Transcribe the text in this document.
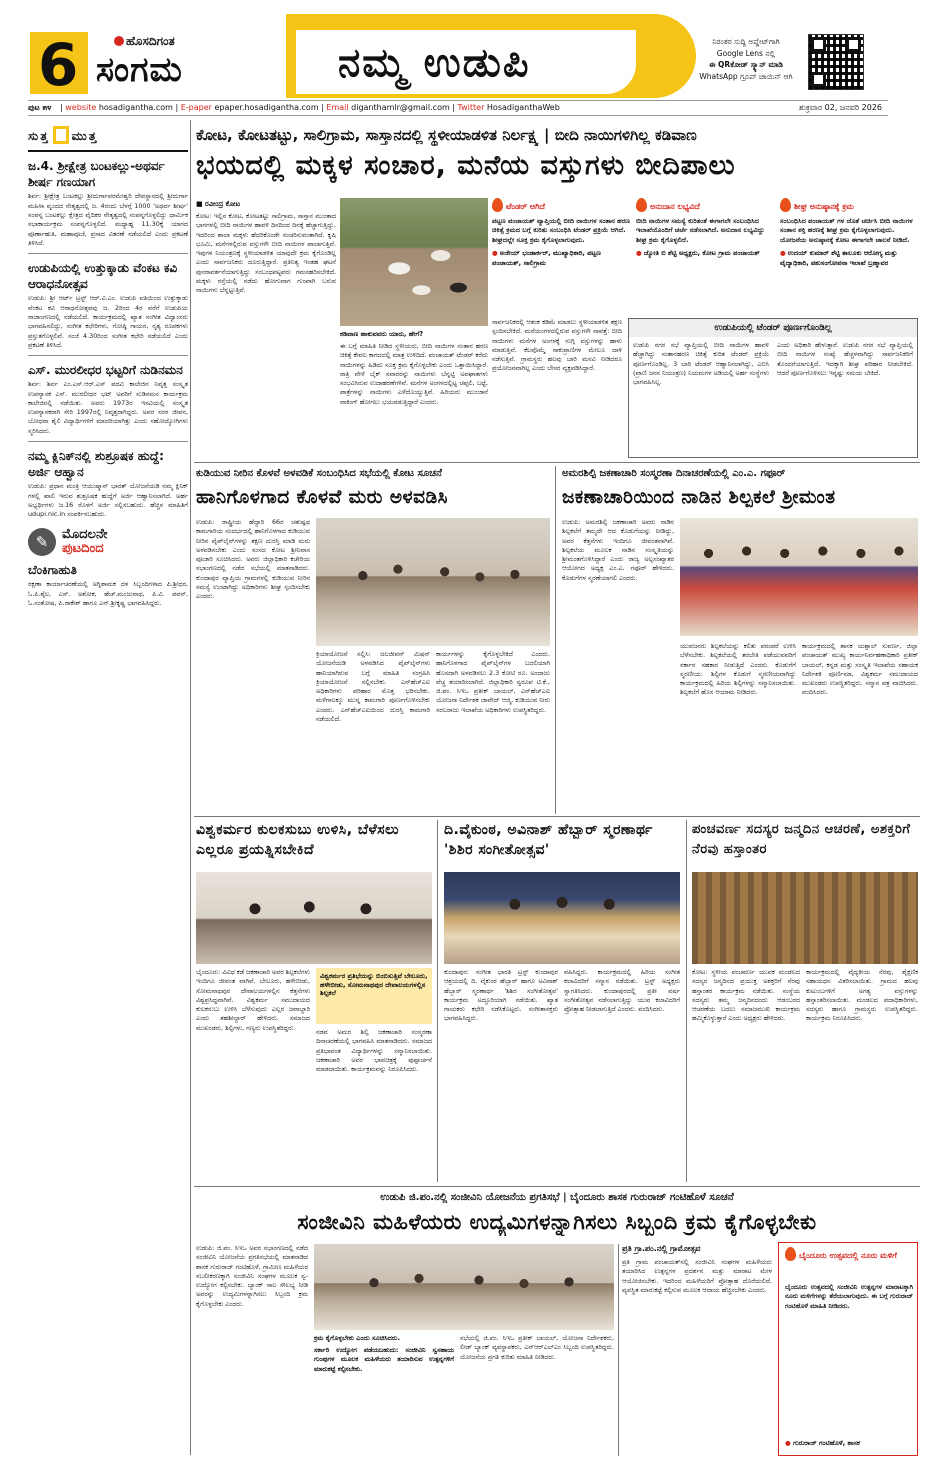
6	ಹೊಸದಿಗಂತ
ಸಂಗಮ	ನಮ್ಮ ಉಡುಪಿ	ನಿರಂತರ ಸುದ್ದಿ ಅಪ್ಡೇಟ್‌ಗಾಗಿ
Google Lens ನಲ್ಲಿ
ಈ QRಕೋಡ್ ಸ್ಕ್ಯಾನ್ ಮಾಡಿ
WhatsApp ಗ್ರೂಪ್ ಜಾಯಿನ್ ಆಗಿ
ಪುಟ ೫೪ | website hosadigantha.com | E-paper epaper.hosadigantha.com | Email diganthamlr@gmail.com | Twitter HosadiganthaWeb	ಶುಕ್ರವಾರ 02, ಜನವರಿ 2026
ಸುತ್ತ ಮುತ್ತ
ಜ.4. ಶ್ರೀಕ್ಷೇತ್ರ ಬಂಟಕಲ್ಲು-ಅಥರ್ವ ಶೀರ್ಷ ಗಣಯಾಗ
ಶಿರ್ವ: ಶ್ರೀಕ್ಷೇತ್ರ ಬಂಟಕಲ್ಲು ಶ್ರೀದುರ್ಗಾಪರಮೇಶ್ವರಿ ದೇವಸ್ಥಾನದಲ್ಲಿ ಶ್ರೀದುರ್ಗಾ ಮಹಿಳಾ ವೃಂದದ ನೇತೃತ್ವದಲ್ಲಿ ಜ. 4ರಂದು ಬೆಳಗ್ಗೆ 1000 'ಅಥರ್ವ ಶೀರ್ಷ' ಸಂಪನ್ನ ಬಂಟಕಲ್ಲು ಕ್ಷೇತ್ರದ ವೈದಿಕರ ನೇತೃತ್ವದಲ್ಲಿ ಸಂಪನ್ನಗೊಳ್ಳಲಿದ್ದು ಧಾರ್ಮಿಕ ಸಭಾಕಾರ್ಯಕ್ರಮ ಸಂಪನ್ನಗೊಳ್ಳಲಿದೆ. ಮಧ್ಯಾಹ್ನ 11.30ಕ್ಕೆ ಯಾಗದ ಪೂರ್ಣಾಹುತಿ, ಮಹಾಪೂಜೆ, ಪ್ರಸಾದ ವಿತರಣೆ ನಡೆಯಲಿದೆ ಎಂದು ಪ್ರಕಟಣೆ ತಿಳಿಸಿದೆ.
ಉಡುಪಿಯಲ್ಲಿ ಉತ್ತುಕ್ಕಾಡು ವೆಂಕಟ ಕವಿ ಆರಾಧನೋತ್ಸವ
ಉಡುಪಿ: ಶ್ರೀ ಆರ್ಟ್ ಟ್ರಸ್ಟ್ ಆರ್.ವಿ.ಎಂ. ಉಡುಪಿ ವತಿಯಿಂದ ಉತ್ತುಕ್ಕಾಡು ವೆಂಕಟ ಕವಿ ಆರಾಧನೋತ್ಸವವು ಜ. 2ರಿಂದ 4ರ ವರೆಗೆ ಉಡುಪಿಯ ರಾಜಾಂಗಣದಲ್ಲಿ ನಡೆಯಲಿದೆ. ಕಾರ್ಯಕ್ರಮದಲ್ಲಿ ಖ್ಯಾತ ಸಂಗೀತ ವಿದ್ವಾಂಸರು ಭಾಗವಹಿಸಲಿದ್ದು, ಸಂಗೀತ ಕಛೇರಿಗಳು, ಗೋಷ್ಠಿ ಗಾಯನ, ನೃತ್ಯ ರೂಪಕಗಳು ಪ್ರಸ್ತುತಗೊಳ್ಳಲಿವೆ. ಸಂಜೆ 4.30ರಿಂದ ಸಂಗೀತ ಕಛೇರಿ ನಡೆಯಲಿದೆ ಎಂದು ಪ್ರಕಟಣೆ ತಿಳಿಸಿದೆ.
ಎಸ್. ಮುರಲೀಧರ ಭಟ್ಟರಿಗೆ ನುಡಿನಮನ
ಶಿರ್ವ: ಶಿರ್ವ ಎಂ.ಎಸ್.ಆರ್.ಎಸ್ ಪದವಿ ಕಾಲೇಜಿನ ನಿವೃತ್ತ ಸಂಸ್ಕೃತ ಉಪನ್ಯಾಸಕ ಎಸ್. ಮುರಲೀಧರ ಭಟ್ ಅವರಿಗೆ ನುಡಿನಮನ ಕಾರ್ಯಕ್ರಮ ಕಾಲೇಜಿನಲ್ಲಿ ನಡೆಯಿತು. ಅವರು 1973ರ ಇಸವಿಯಲ್ಲಿ ಸಂಸ್ಕೃತ ಉಪನ್ಯಾಸಕರಾಗಿ ಸೇರಿ 1997ರಲ್ಲಿ ನಿವೃತ್ತರಾಗಿದ್ದರು. ಅವರ ಸರಳ ಜೀವನ, ಬೋಧನಾ ಶೈಲಿ ವಿದ್ಯಾರ್ಥಿಗಳಿಗೆ ಮಾದರಿಯಾಗಿತ್ತು ಎಂದು ಸಹೋದ್ಯೋಗಿಗಳು ಸ್ಮರಿಸಿದರು.
ನಮ್ಮ ಕ್ಲಿನಿಕ್‌ನಲ್ಲಿ ಶುಶ್ರೂಷಕ ಹುದ್ದೆ: ಅರ್ಜಿ ಆಹ್ವಾನ
ಉಡುಪಿ: ಪ್ರಧಾನ ಮಂತ್ರಿ ಆಯುಷ್ಮಾನ್ ಭಾರತ್ ಯೋಜನೆಯಡಿ ನಮ್ಮ ಕ್ಲಿನಿಕ್ ಗಳಲ್ಲಿ ಖಾಲಿ ಇರುವ ಶುಶ್ರೂಷಕ ಹುದ್ದೆಗೆ ಅರ್ಜಿ ಆಹ್ವಾನಿಸಲಾಗಿದೆ. ಅರ್ಹ ಅಭ್ಯರ್ಥಿಗಳು ಜ.16 ರೊಳಗೆ ಅರ್ಜಿ ಸಲ್ಲಿಸಬಹುದು. ಹೆಚ್ಚಿನ ಮಾಹಿತಿಗೆ udupi.nic.in ಸಂಪರ್ಕಿಸಬಹುದು.
✎	ಮೊದಲನೇ
ಪುಟದಿಂದ
ಬೆಂಕಿಗಾಹುತಿ
ರಕ್ಷಣಾ ಕಾರ್ಯಾಚರಣೆಯಲ್ಲಿ ಅಗ್ನಿಶಾಮಕ ದಳ ಸಿಬ್ಬಂದಿಗಳಾದ ಪಿ.ಶ್ರೀಧರ, ಓ.ಪಿ.ಶೈಲ, ಎಸ್. ಅಶೋಕ, ಹೆಚ್.ಮಂಜುನಾಥ, ಪಿ.ವಿ. ಪವನ್, ಓ.ಸಂತೋಷ, ಪಿ.ರಾಕೇಶ್ ಹಾಗೂ ಎನ್.ಶ್ರೀಕೃಷ್ಣ ಭಾಗವಹಿಸಿದ್ದರು.
ಕೋಟ, ಕೋಟತಟ್ಟು, ಸಾಲಿಗ್ರಾಮ, ಸಾಸ್ತಾನದಲ್ಲಿ ಸ್ಥಳೀಯಾಡಳಿತ ನಿರ್ಲಕ್ಷ್ಯ | ಬೀದಿ ನಾಯಿಗಳಿಗಿಲ್ಲ ಕಡಿವಾಣ
ಭಯದಲ್ಲಿ ಮಕ್ಕಳ ಸಂಚಾರ, ಮನೆಯ ವಸ್ತುಗಳು ಬೀದಿಪಾಲು
■ ರವೀಂದ್ರ ಕೋಟ
ಕಡಿವಾಣ ಹಾಕುವವರು ಯಾರು, ಹೇಗೆ?
ಕೋಟ: ಇಲ್ಲಿನ ಕೋಟ, ಕೋಟತಟ್ಟು ಸಾಲಿಗ್ರಾಮ, ಸಾಸ್ತಾನ ಮುಂತಾದ ಭಾಗಗಳಲ್ಲಿ ಬೀದಿ ನಾಯಿಗಳ ಹಾವಳಿ ದಿನದಿಂದ ದಿನಕ್ಕೆ ಹೆಚ್ಚಾಗುತ್ತಿದ್ದು, ಇದರಿಂದ ಶಾಲಾ ಮಕ್ಕಳು ಹೆದರಿಕೊಂಡೇ ಸಂಚರಿಸುವಂತಾಗಿದೆ. ಕೃಷಿ ಭೂಮಿ, ಮನೆಗಳಲ್ಲಿರುವ ವಸ್ತುಗಳೇ ಬೀದಿ ನಾಯಿಗಳ ಪಾಲಾಗುತ್ತಿವೆ. ಇವುಗಳ ನಿಯಂತ್ರಣಕ್ಕೆ ಸ್ಥಳೀಯಾಡಳಿತ ಯಾವುದೇ ಕ್ರಮ ಕೈಗೊಂಡಿಲ್ಲ ಎಂದು ಸಾರ್ವಜನಿಕರು ದೂರುತ್ತಿದ್ದಾರೆ. ಪ್ರತಿನಿತ್ಯ ಇಂತಹ ಘಟನೆ ಪುನರಾವರ್ತನೆಯಾಗುತ್ತಿದ್ದು ಸಂಬಂಧಪಟ್ಟವರು ಗಮನಹರಿಸಬೇಕಿದೆ. ಮಕ್ಕಳು ರಸ್ತೆಯಲ್ಲಿ ನಡೆದು ಹೋಗುವಾಗ ಗುಂಪಾಗಿ ಬರುವ ನಾಯಿಗಳು ಬೆನ್ನಟ್ಟುತ್ತಿವೆ.
ಈ ಬಗ್ಗೆ ಮಾಹಿತಿ ನೀಡಿದ ಸ್ಥಳೀಯರು, ಬೀದಿ ನಾಯಿಗಳ ಸಂತಾನ ಹರಣ ಚಿಕಿತ್ಸೆ ಕೇವಲ ಕಾಗದದಲ್ಲಿ ಮಾತ್ರ ಉಳಿದಿದೆ. ಪಂಚಾಯತ್ ಟೆಂಡರ್ ಕರೆದು ನಾಯಿಗಳನ್ನು ಹಿಡಿದು ಸೂಕ್ತ ಕ್ರಮ ಕೈಗೊಳ್ಳಬೇಕು ಎಂದು ಒತ್ತಾಯಿಸಿದ್ದಾರೆ. ರಾತ್ರಿ ವೇಳೆ ಬೈಕ್ ಸವಾರರನ್ನು ನಾಯಿಗಳು ಬೆನ್ನಟ್ಟಿ ಅಪಘಾತಗಳು ಸಂಭವಿಸಿರುವ ಉದಾಹರಣೆಗಳಿವೆ. ಮನೆಗಳ ಅಂಗಳದಲ್ಲಿಟ್ಟ ಚಪ್ಪಲಿ, ಬಟ್ಟೆ, ಪಾತ್ರೆಗಳನ್ನು ನಾಯಿಗಳು ಎಳೆದೊಯ್ಯುತ್ತಿವೆ. ಹಿರಿಯರು ಮುಂಜಾನೆ ವಾಕಿಂಗ್ ಹೋಗಲು ಭಯಪಡುತ್ತಿದ್ದಾರೆ ಎಂದರು.
ಸಾರ್ವಜನಿಕರಲ್ಲಿ ಆತಂಕ ಕಡಿಮೆ ಮಾಡಲು ಸ್ಥಳೀಯಾಡಳಿತ ತಕ್ಷಣ ಸ್ಪಂದಿಸಬೇಕಿದೆ. ಮನೆಯಂಗಳದಲ್ಲಿರುವ ವಸ್ತುಗಳೇ ನಾಪತ್ತೆ: ಬೀದಿ ನಾಯಿಗಳು ಮನೆಗಳ ಅಂಗಳಕ್ಕೆ ನುಗ್ಗಿ ವಸ್ತುಗಳನ್ನು ಹಾಳು ಮಾಡುತ್ತಿವೆ. ಕೆಲವೊಮ್ಮೆ ಸಾಕುಪ್ರಾಣಿಗಳ ಮೇಲೂ ದಾಳಿ ನಡೆಸುತ್ತಿವೆ. ಗ್ರಾಮಸ್ಥರು ಹಲವು ಬಾರಿ ಮನವಿ ನೀಡಿದರೂ ಪ್ರಯೋಜನವಾಗಿಲ್ಲ ಎಂದು ಬೇಸರ ವ್ಯಕ್ತಪಡಿಸಿದ್ದಾರೆ.
ಟೆಂಡರ್ ಆಗಿದೆ
ಪಟ್ಟಣ ಪಂಚಾಯತ್ ವ್ಯಾಪ್ತಿಯಲ್ಲಿ ಬೀದಿ ನಾಯಿಗಳ ಸಂತಾನ ಹರಣ ಚಿಕಿತ್ಸೆ ಕ್ರಮದ ಬಗ್ಗೆ ಕುರಿತು ಸಂಬಂಧಿಸಿ ಟೆಂಡರ್ ಪ್ರಕ್ರಿಯೆ ಆಗಿದೆ. ಶೀಘ್ರದಲ್ಲೇ ಸೂಕ್ತ ಕ್ರಮ ಕೈಗೊಳ್ಳಲಾಗುವುದು.
● ಅಜೇಯ್ ಭಂಡಾರ್ಕರ್, ಮುಖ್ಯಾಧಿಕಾರಿ, ಪಟ್ಟಣ ಪಂಚಾಯತ್, ಸಾಲಿಗ್ರಾಮ
ಅನುದಾನ ಲಭ್ಯವಿದೆ
ಬೀದಿ ನಾಯಿಗಳ ಸಮಸ್ಯೆ ಕುರಿತಂತೆ ಈಗಾಗಲೇ ಸಂಬಂಧಿಸಿದ ಇಲಾಖೆಯೊಂದಿಗೆ ಚರ್ಚೆ ನಡೆಸಲಾಗಿದೆ. ಅನುದಾನ ಲಭ್ಯವಿದ್ದು ಶೀಘ್ರ ಕ್ರಮ ಕೈಗೊಳ್ಳಲಿದೆ.
● ಜ್ಯೋತಿ ಬಿ ಶೆಟ್ಟಿ ಅಧ್ಯಕ್ಷರು, ಕೋಟ ಗ್ರಾಮ ಪಂಚಾಯತ್
ಶೀಘ್ರ ಅನುಷ್ಠಾನಕ್ಕೆ ಕ್ರಮ
ಸಂಬಂಧಿಸಿದ ಪಂಚಾಯತ್ ಗಳ ಜೊತೆ ಚರ್ಚಿಸಿ ಬೀದಿ ನಾಯಿಗಳ ಸಂತಾನ ಶಕ್ತಿ ಹರಣಕ್ಕೆ ಶೀಘ್ರ ಕ್ರಮ ಕೈಗೊಳ್ಳಲಾಗುವುದು. ಯೋಜನೆಯ ಅನುಷ್ಠಾನಕ್ಕೆ ಕೋಟ ಈಗಾಗಲೇ ಚಾಲನೆ ನೀಡಿದೆ.
● ಉದಯ್ ಕುಮಾರ್ ಶೆಟ್ಟಿ ತಾಲೂಕು ಆರೋಗ್ಯ ಮತ್ತು ವೈದ್ಯಾಧಿಕಾರಿ, ಪಶುಸಂಗೋಪನಾ ಇಲಾಖೆ ಬ್ರಹ್ಮಾವರ
ಉಡುಪಿಯಲ್ಲಿ ಟೆಂಡರ್ ಪೂರ್ಣಗೊಂಡಿಲ್ಲ
ಉಡುಪಿ ನಗರ ಸಭೆ ವ್ಯಾಪ್ತಿಯಲ್ಲಿ ಬೀದಿ ನಾಯಿಗಳ ಹಾವಳಿ ಹೆಚ್ಚಾಗಿದ್ದು ಸಂತಾನಹರಣ ಚಿಕಿತ್ಸೆ ಕುರಿತ ಟೆಂಡರ್ ಪ್ರಕ್ರಿಯೆ ಪೂರ್ಣಗೊಂಡಿಲ್ಲ. 3 ಬಾರಿ ಟೆಂಡರ್ ಆಹ್ವಾನಿಸಲಾಗಿದ್ದು, ಎಬಿಸಿ (ಪ್ರಾಣಿ ಜನನ ನಿಯಂತ್ರಣ) ನಿಯಮಗಳ ಅಡಿಯಲ್ಲಿ ಅರ್ಹ ಸಂಸ್ಥೆಗಳು ಭಾಗವಹಿಸಿಲ್ಲ.
ಎಂದು ಅಧಿಕಾರಿ ಹೇಳುತ್ತಾರೆ. ಉಡುಪಿ ನಗರ ಸಭೆ ವ್ಯಾಪ್ತಿಯಲ್ಲಿ ಬೀದಿ ನಾಯಿಗಳ ಸಂಖ್ಯೆ ಹೆಚ್ಚಳವಾಗಿದ್ದು ಸಾರ್ವಜನಿಕರಿಗೆ ತೊಂದರೆಯಾಗುತ್ತಿದೆ. ಇದಕ್ಕಾಗಿ ಶೀಘ್ರ ಪರಿಹಾರ ನೀಡಬೇಕಿದೆ. ಆದರೆ ಪೂರ್ಣಗೊಳಿಸಲು ಇನ್ನಷ್ಟು ಸಮಯ ಬೇಕಿದೆ.
ಕುಡಿಯುವ ನೀರಿನ ಕೊಳವೆ ಅಳವಡಿಕೆ ಸಂಬಂಧಿಸಿದ ಸಭೆಯಲ್ಲಿ ಕೋಟ ಸೂಚನೆ
ಹಾನಿಗೊಳಗಾದ ಕೊಳವೆ ಮರು ಅಳವಡಿಸಿ
ಉಡುಪಿ: ರಾಷ್ಟ್ರೀಯ ಹೆದ್ದಾರಿ 66ರ ಚತುಷ್ಪಥ ಕಾಮಗಾರಿಯ ಸಂದರ್ಭದಲ್ಲಿ ಹಾನಿಗೊಳಗಾದ ಕುಡಿಯುವ ನೀರಿನ ಪೈಪ್‌ಲೈನ್‌ಗಳನ್ನು ತಕ್ಷಣ ದುರಸ್ತಿ ಮಾಡಿ ಮರು ಅಳವಡಿಸಬೇಕು ಎಂದು ಸಂಸದ ಕೋಟ ಶ್ರೀನಿವಾಸ ಪೂಜಾರಿ ಸೂಚಿಸಿದರು. ಅವರು ಜಿಲ್ಲಾಧಿಕಾರಿ ಕಚೇರಿಯ ಸಭಾಂಗಣದಲ್ಲಿ ನಡೆದ ಸಭೆಯಲ್ಲಿ ಮಾತನಾಡಿದರು. ಕುಂದಾಪುರ ವ್ಯಾಪ್ತಿಯ ಗ್ರಾಮಗಳಲ್ಲಿ ಕುಡಿಯುವ ನೀರಿನ ಸಮಸ್ಯೆ ಉಂಟಾಗಿದ್ದು ಅಧಿಕಾರಿಗಳು ಶೀಘ್ರ ಸ್ಪಂದಿಸಬೇಕು ಎಂದರು.
ಕ್ರಿಯಾಯೋಜನೆ ಸಲ್ಲಿಸಿ: ಜಲಜೀವನ್ ಮಿಷನ್ ಯೋಜನೆಯಡಿ ಅಳವಡಿಸಿದ ಪೈಪ್‌ಲೈನ್‌ಗಳು ಹಾನಿಯಾಗಿರುವ ಬಗ್ಗೆ ಮಾಹಿತಿ ಸಂಗ್ರಹಿಸಿ ಕ್ರಿಯಾಯೋಜನೆ ಸಲ್ಲಿಸಬೇಕು. ಎನ್‌ಹೆಚ್‌ಎಐ ಅಧಿಕಾರಿಗಳು ಪರಿಹಾರ ಮೊತ್ತ ಭರಿಸಬೇಕು. ಮಳೆಗಾಲಕ್ಕೂ ಮುನ್ನ ಕಾಮಗಾರಿ ಪೂರ್ಣಗೊಳಿಸಬೇಕು ಎಂದರು. ಎನ್‌ಹೆಚ್‌ಎಐಯಿಂದ ದುರಸ್ತಿ ಕಾಮಗಾರಿ ನಡೆಯಲಿದೆ.
ಕಾರ್ಯಗಳನ್ನು ಕೈಗೊಳ್ಳಬೇಕಿದೆ ಎಂದರು. ಹಾನಿಗೊಳಗಾದ ಪೈಪ್‌ಲೈನ್‌ಗಳ ಬದಲಿಯಾಗಿ ಹೊಸದಾಗಿ ಅಳವಡಿಸಲು 2.3 ಕೋಟಿ ರೂ. ಅಂದಾಜು ವೆಚ್ಚ ತಯಾರಿಸಲಾಗಿದೆ. ಜಿಲ್ಲಾಧಿಕಾರಿ ಸ್ವರೂಪ ಟಿ.ಕೆ., ಜಿ.ಪಂ. ಸಿಇಒ ಪ್ರತೀಕ್ ಬಾಯಲ್, ಎನ್‌ಹೆಚ್‌ಎಐ ಯೋಜನಾ ನಿರ್ದೇಶಕ ಜಾವೇದ್ ಆಜ್ಮಿ, ಕುಡಿಯುವ ನೀರು ಸರಬರಾಜು ಇಲಾಖೆಯ ಅಧಿಕಾರಿಗಳು ಉಪಸ್ಥಿತರಿದ್ದರು.
ಅಮರಶಿಲ್ಪಿ ಜಕಣಾಚಾರಿ ಸಂಸ್ಮರಣಾ ದಿನಾಚರಣೆಯಲ್ಲಿ ಎಂ.ಎ. ಗಫೂರ್
ಜಕಣಾಚಾರಿಯಿಂದ ನಾಡಿನ ಶಿಲ್ಪಕಲೆ ಶ್ರೀಮಂತ
ಉಡುಪಿ: ಅಮರಶಿಲ್ಪಿ ಜಕಣಾಚಾರಿ ಅವರು ನಾಡಿನ ಶಿಲ್ಪಕಲೆಗೆ ತಮ್ಮದೇ ಆದ ಕೊಡುಗೆಯನ್ನು ನೀಡಿದ್ದು, ಅವರ ಕೆತ್ತನೆಗಳು ಇಂದಿಗೂ ಜೀವಂತವಾಗಿವೆ. ಶಿಲ್ಪಕಲೆಯ ಮೂಲಕ ನಾಡಿನ ಸಂಸ್ಕೃತಿಯನ್ನು ಶ್ರೀಮಂತಗೊಳಿಸಿದ್ದಾರೆ ಎಂದು ರಾಜ್ಯ ಅಲ್ಪಸಂಖ್ಯಾತರ ಆಯೋಗದ ಅಧ್ಯಕ್ಷ ಎಂ.ಎ. ಗಫೂರ್ ಹೇಳಿದರು. ಕೊಡುಗೆಗಳ ಸ್ಮರಣೆಯಾಗಲಿ ಎಂದರು.
ಯುವಜನರು ಶಿಲ್ಪಕಲೆಯನ್ನು ಕಲಿತು ಪರಂಪರೆ ಉಳಿಸಿ ಬೆಳೆಸಬೇಕು. ಶಿಲ್ಪಕಲೆಯಲ್ಲಿ ತರಬೇತಿ ಪಡೆಯುವವರಿಗೆ ಸರ್ಕಾರ ಸಹಕಾರ ನೀಡುತ್ತಿದೆ ಎಂದರು. ಕೊಡುಗೆಗೆ ಸ್ಮರಣೀಯ: ಶಿಲ್ಪಿಗಳ ಕೊಡುಗೆ ಸ್ಮರಣೀಯವಾಗಿದ್ದು ಕಾರ್ಯಕ್ರಮದಲ್ಲಿ ಹಿರಿಯ ಶಿಲ್ಪಿಗಳನ್ನು ಸನ್ಮಾನಿಸಲಾಯಿತು. ಶಿಲ್ಪಕಲೆಗೆ ಹೊಸ ಆಯಾಮ ನೀಡಿದರು.
ಕಾರ್ಯಕ್ರಮದಲ್ಲಿ ಶಾಸಕ ಯಶ್ಪಾಲ್ ಸುವರ್ಣ, ಜಿಲ್ಲಾ ಪಂಚಾಯತ್ ಮುಖ್ಯ ಕಾರ್ಯನಿರ್ವಹಣಾಧಿಕಾರಿ ಪ್ರತೀಕ್ ಬಾಯಲ್, ಕನ್ನಡ ಮತ್ತು ಸಂಸ್ಕೃತಿ ಇಲಾಖೆಯ ಸಹಾಯಕ ನಿರ್ದೇಶಕಿ ಪೂರ್ಣಿಮಾ, ವಿಶ್ವಕರ್ಮ ಸಮುದಾಯದ ಮುಖಂಡರು ಉಪಸ್ಥಿತರಿದ್ದರು. ಸನ್ಮಾನ ಪತ್ರ ವಾಚಿಸಿದರು. ವಂದಿಸಿದರು.
ವಿಶ್ವಕರ್ಮರ ಕುಲಕಸುಬು ಉಳಿಸಿ, ಬೆಳೆಸಲು ಎಲ್ಲರೂ ಪ್ರಯತ್ನಿಸಬೇಕಿದೆ
ಬೈಂದೂರು: ವಿವಿಧ ಕಡೆ ಜಕಣಾಚಾರಿ ಅವರ ಶಿಲ್ಪಕಲೆಗಳು ಇಂದಿಗೂ ಜೀವಂತ ವಾಗಿವೆ. ಬೇಲೂರು, ಹಳೇಬೀಡು, ಸೋಮನಾಥಪುರ ದೇವಾಲಯಗಳಲ್ಲಿನ ಕೆತ್ತನೆಗಳು ವಿಶ್ವಪ್ರಸಿದ್ಧವಾಗಿವೆ. ವಿಶ್ವಕರ್ಮ ಸಮುದಾಯದ ಕುಲಕಸುಬು ಉಳಿಸಿ ಬೆಳೆಸುವುದು ಎಲ್ಲರ ಜವಾಬ್ದಾರಿ ಎಂದು ತಹಶೀಲ್ದಾರ್ ಹೇಳಿದರು. ಸಮಾಜದ ಮುಖಂಡರು, ಶಿಲ್ಪಿಗಳು, ಗಣ್ಯರು ಉಪಸ್ಥಿತರಿದ್ದರು.
ವಿಶ್ವಕರ್ಮರ ಪ್ರತಿಭೆಯನ್ನು ಬಿಂಬಿಸುತ್ತಿವೆ ಬೇಲೂರು, ಹಳೇಬೀಡು, ಸೋಮನಾಥಪುರ ದೇವಾಲಯಗಳಲ್ಲಿನ ಶಿಲ್ಪಕಲೆ
ನಡವ ಅಮರ ಶಿಲ್ಪಿ ಜಕಣಾಚಾರಿ ಸಂಸ್ಮರಣಾ ದಿನಾಚರಣೆಯಲ್ಲಿ ಭಾಗವಹಿಸಿ ಮಾತನಾಡಿದರು. ಸಮಾಜದ ಪ್ರತಿಭಾವಂತ ವಿದ್ಯಾರ್ಥಿಗಳನ್ನು ಸನ್ಮಾನಿಸಲಾಯಿತು. ಜಕಣಾಚಾರಿ ಅವರ ಭಾವಚಿತ್ರಕ್ಕೆ ಪುಷ್ಪಾರ್ಚನೆ ಮಾಡಲಾಯಿತು. ಕಾರ್ಯಕ್ರಮವನ್ನು ನಿರೂಪಿಸಿದರು.
ದಿ.ವೈಕುಂಠ, ಅವಿನಾಶ್ ಹೆಬ್ಬಾರ್ ಸ್ಮರಣಾರ್ಥ 'ಶಿಶಿರ ಸಂಗೀತೋತ್ಸವ'
ಕುಂದಾಪುರ: ಸಂಗೀತ ಭಾರತಿ ಟ್ರಸ್ಟ್ ಕುಂದಾಪುರ ಆಶ್ರಯದಲ್ಲಿ ದಿ. ವೈಕುಂಠ ಹೆಬ್ಬಾರ್ ಹಾಗೂ ಅವಿನಾಶ್ ಹೆಬ್ಬಾರ್ ಸ್ಮರಣಾರ್ಥ 'ಶಿಶಿರ ಸಂಗೀತೋತ್ಸವ' ಕಾರ್ಯಕ್ರಮ ಅದ್ದೂರಿಯಾಗಿ ನಡೆಯಿತು. ಖ್ಯಾತ ಗಾಯಕರು ಕಛೇರಿ ನಡೆಸಿಕೊಟ್ಟರು. ಸಂಗೀತಾಸಕ್ತರು ಭಾಗವಹಿಸಿದ್ದರು.
ವಹಿಸಿದ್ದರು. ಕಾರ್ಯಕ್ರಮದಲ್ಲಿ ಹಿರಿಯ ಸಂಗೀತ ಕಲಾವಿದರಿಗೆ ಸನ್ಮಾನ ನಡೆಯಿತು. ಟ್ರಸ್ಟ್ ಅಧ್ಯಕ್ಷರು ಸ್ವಾಗತಿಸಿದರು. ಕುಂದಾಪುರದಲ್ಲಿ ಪ್ರತೀ ವರ್ಷ ಸಂಗೀತೋತ್ಸವ ನಡೆಸಲಾಗುತ್ತಿದ್ದು ಯುವ ಕಲಾವಿದರಿಗೆ ಪ್ರೋತ್ಸಾಹ ನೀಡಲಾಗುತ್ತಿದೆ ಎಂದರು. ವಂದಿಸಿದರು.
ಪಂಚವರ್ಣ ಸದಸ್ಯರ ಜನ್ಮದಿನ ಆಚರಣೆ, ಅಶಕ್ತರಿಗೆ ನೆರವು ಹಸ್ತಾಂತರ
ಕೋಟ: ಸ್ಥಳೀಯ ಪಂಚವರ್ಣ ಯುವಕ ಮಂಡಲದ ಸದಸ್ಯರ ಜನ್ಮದಿನದ ಪ್ರಯುಕ್ತ ಅಶಕ್ತರಿಗೆ ನೆರವು ಹಸ್ತಾಂತರ ಕಾರ್ಯಕ್ರಮ ನಡೆಯಿತು. ಸಂಸ್ಥೆಯ ಸದಸ್ಯರು ತಮ್ಮ ಜನ್ಮದಿನದಂದು ಆಡಂಬರದ ಆಚರಣೆಯ ಬದಲು ಸಮಾಜಮುಖಿ ಕಾರ್ಯಕ್ರಮ ಹಮ್ಮಿಕೊಳ್ಳುತ್ತಾರೆ ಎಂದು ಅಧ್ಯಕ್ಷರು ಹೇಳಿದರು.
ಕಾರ್ಯಕ್ರಮದಲ್ಲಿ ವೈದ್ಯಕೀಯ ನೆರವು, ಶೈಕ್ಷಣಿಕ ಸಹಾಯಧನ ವಿತರಿಸಲಾಯಿತು. ಗ್ರಾಮದ ಹಲವು ಕುಟುಂಬಗಳಿಗೆ ಅಗತ್ಯ ವಸ್ತುಗಳನ್ನು ಹಸ್ತಾಂತರಿಸಲಾಯಿತು. ಮಂಡಲದ ಪದಾಧಿಕಾರಿಗಳು, ಸದಸ್ಯರು ಹಾಗೂ ಗ್ರಾಮಸ್ಥರು ಉಪಸ್ಥಿತರಿದ್ದರು. ಕಾರ್ಯಕ್ರಮ ನಿರೂಪಿಸಿದರು.
ಉಡುಪಿ ಜಿ.ಪಂ.ನಲ್ಲಿ ಸಂಜೀವಿನಿ ಯೋಜನೆಯ ಪ್ರಗತಿಸಭೆ | ಬೈಂದೂರು ಶಾಸಕ ಗುರುರಾಜ್ ಗಂಟಿಹೊಳೆ ಸೂಚನೆ
ಸಂಜೀವಿನಿ ಮಹಿಳೆಯರು ಉದ್ಯಮಿಗಳನ್ನಾಗಿಸಲು ಸಿಬ್ಬಂದಿ ಕ್ರಮ ಕೈಗೊಳ್ಳಬೇಕು
ಉಡುಪಿ: ಜಿ.ಪಂ. ಸಿಇಒ ಅವರ ಸಭಾಂಗಣದಲ್ಲಿ ನಡೆದ ಸಂಜೀವಿನಿ ಯೋಜನೆಯ ಪ್ರಗತಿಸಭೆಯಲ್ಲಿ ಮಾತನಾಡಿದ ಶಾಸಕ ಗುರುರಾಜ್ ಗಂಟಿಹೊಳೆ, ಗ್ರಾಮೀಣ ಮಹಿಳೆಯರ ಸಬಲೀಕರಣಕ್ಕಾಗಿ ಸಂಜೀವಿನಿ ಸಂಘಗಳ ಮೂಲಕ ಸ್ವ-ಉದ್ಯೋಗ ಕಲ್ಪಿಸಬೇಕು. ಬ್ಯಾಂಕ್ ಸಾಲ ಸೌಲಭ್ಯ ನೀಡಿ ಅವರನ್ನು ಉದ್ಯಮಿಗಳನ್ನಾಗಿಸಲು ಸಿಬ್ಬಂದಿ ಕ್ರಮ ಕೈಗೊಳ್ಳಬೇಕು ಎಂದರು.
ಕ್ರಮ ಕೈಗೊಳ್ಳಬೇಕು ಎಂದು ಸೂಚಿಸಿದರು.
ಸರ್ಕಾರಿ ಉದ್ಯೋಗ ಪಡೆಯಬಹುದು: ಸಂಜೀವಿನಿ ಸ್ವಸಹಾಯ ಗುಂಪುಗಳ ಮೂಲಕ ಮಹಿಳೆಯರು ತಯಾರಿಸುವ ಉತ್ಪನ್ನಗಳಿಗೆ ಮಾರುಕಟ್ಟೆ ಕಲ್ಪಿಸಬೇಕು.
ಸಭೆಯಲ್ಲಿ ಜಿ.ಪಂ. ಸಿಇಒ ಪ್ರತೀಕ್ ಬಾಯಲ್, ಯೋಜನಾ ನಿರ್ದೇಶಕರು, ಲೀಡ್ ಬ್ಯಾಂಕ್ ವ್ಯವಸ್ಥಾಪಕರು, ಎನ್‌ಆರ್‌ಎಲ್‌ಎಂ ಸಿಬ್ಬಂದಿ ಉಪಸ್ಥಿತರಿದ್ದರು. ಯೋಜನೆಯ ಪ್ರಗತಿ ಕುರಿತು ಮಾಹಿತಿ ನೀಡಿದರು.
ಪ್ರತಿ ಗ್ರಾ.ಪಂ.ನಲ್ಲಿ ಗ್ರಾಮೋತ್ಸವ
ಪ್ರತಿ ಗ್ರಾಮ ಪಂಚಾಯತ್‌ನಲ್ಲಿ ಸಂಜೀವಿನಿ ಸಂಘಗಳ ಮಹಿಳೆಯರು ತಯಾರಿಸಿದ ಉತ್ಪನ್ನಗಳ ಪ್ರದರ್ಶನ ಮತ್ತು ಮಾರಾಟ ಮೇಳ ಆಯೋಜಿಸಬೇಕು. ಇದರಿಂದ ಮಹಿಳೆಯರಿಗೆ ಪ್ರೋತ್ಸಾಹ ದೊರೆಯಲಿದೆ. ವ್ಯವಸ್ಥಿತ ಮಾರುಕಟ್ಟೆ ಕಲ್ಪಿಸುವ ಮೂಲಕ ಆದಾಯ ಹೆಚ್ಚಿಸಬೇಕು ಎಂದರು.
ಬೈಂದೂರು ಉತ್ಸವದಲ್ಲಿ ನೂರು ಮಳಿಗೆ
ಬೈಂದೂರು ಉತ್ಸವದಲ್ಲಿ ಸಂಜೀವಿನಿ ಉತ್ಪನ್ನಗಳ ಮಾರಾಟಕ್ಕಾಗಿ ನೂರು ಮಳಿಗೆಗಳನ್ನು ತೆರೆಯಲಾಗುವುದು. ಈ ಬಗ್ಗೆ ಗುರುರಾಜ್ ಗಂಟಿಹೊಳೆ ಮಾಹಿತಿ ನೀಡಿದರು.
● ಗುರುರಾಜ್ ಗಂಟಿಹೊಳೆ, ಶಾಸಕ
